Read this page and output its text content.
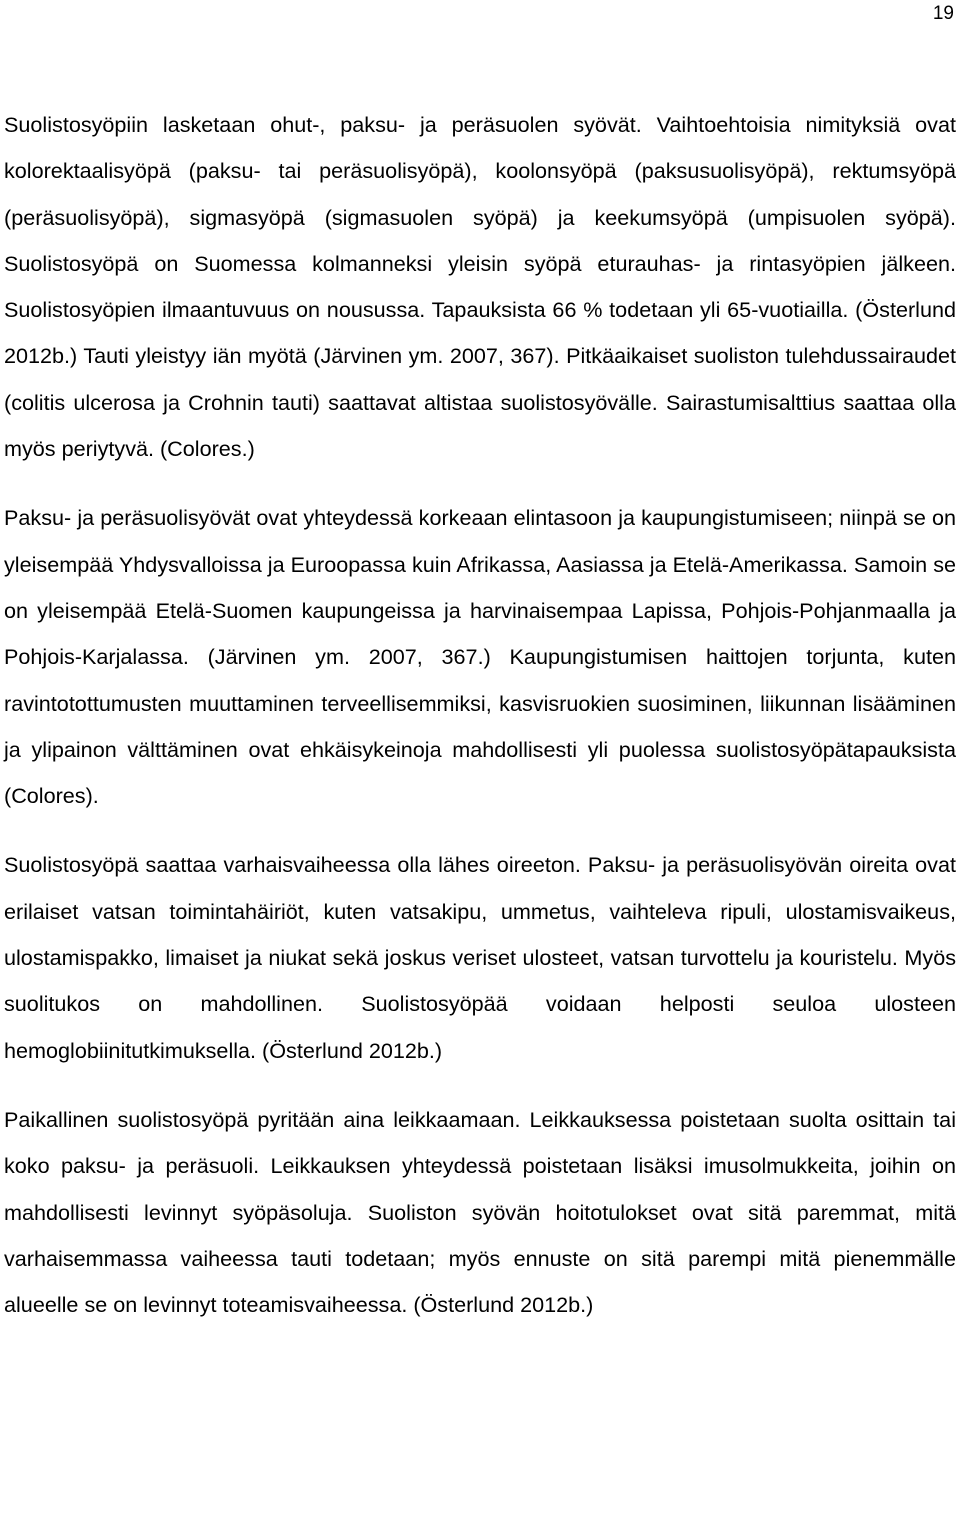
19

Suolistosyöpiin lasketaan ohut-, paksu- ja peräsuolen syövät. Vaihtoehtoisia nimityksiä ovat kolorektaalisyöpä (paksu- tai peräsuolisyöpä), koolonsyöpä (paksusuolisyöpä), rektumsyöpä (peräsuolisyöpä), sigmasyöpä (sigmasuolen syöpä) ja keekumsyöpä (umpisuolen syöpä). Suolistosyöpä on Suomessa kolmanneksi yleisin syöpä eturauhas- ja rintasyöpien jälkeen. Suolistosyöpien ilmaantuvuus on nousussa. Tapauksista 66 % todetaan yli 65-vuotiailla. (Österlund 2012b.) Tauti yleistyy iän myötä (Järvinen ym. 2007, 367). Pitkäaikaiset suoliston tulehdussairaudet (colitis ulcerosa ja Crohnin tauti) saattavat altistaa suolistosyövälle. Sairastumisalttius saattaa olla myös periytyvä. (Colores.)

Paksu- ja peräsuolisyövät ovat yhteydessä korkeaan elintasoon ja kaupungistumiseen; niinpä se on yleisempää Yhdysvalloissa ja Euroopassa kuin Afrikassa, Aasiassa ja Etelä-Amerikassa. Samoin se on yleisempää Etelä-Suomen kaupungeissa ja harvinaisempaa Lapissa, Pohjois-Pohjanmaalla ja Pohjois-Karjalassa. (Järvinen ym. 2007, 367.) Kaupungistumisen haittojen torjunta, kuten ravintotottumusten muuttaminen terveellisemmiksi, kasvisruokien suosiminen, liikunnan lisääminen ja ylipainon välttäminen ovat ehkäisykeinoja mahdollisesti yli puolessa suolistosyöpätapauksista (Colores).

Suolistosyöpä saattaa varhaisvaiheessa olla lähes oireeton. Paksu- ja peräsuolisyövän oireita ovat erilaiset vatsan toimintahäiriöt, kuten vatsakipu, ummetus, vaihteleva ripuli, ulostamisvaikeus, ulostamispakko, limaiset ja niukat sekä joskus veriset ulosteet, vatsan turvottelu ja kouristelu. Myös suolitukos on mahdollinen. Suolistosyöpää voidaan helposti seuloa ulosteen hemoglobiinitutkimuksella. (Österlund 2012b.)

Paikallinen suolistosyöpä pyritään aina leikkaamaan. Leikkauksessa poistetaan suolta osittain tai koko paksu- ja peräsuoli. Leikkauksen yhteydessä poistetaan lisäksi imusolmukkeita, joihin on mahdollisesti levinnyt syöpäsoluja. Suoliston syövän hoitotulokset ovat sitä paremmat, mitä varhaisemmassa vaiheessa tauti todetaan; myös ennuste on sitä parempi mitä pienemmälle alueelle se on levinnyt toteamisvaiheessa. (Österlund 2012b.)
